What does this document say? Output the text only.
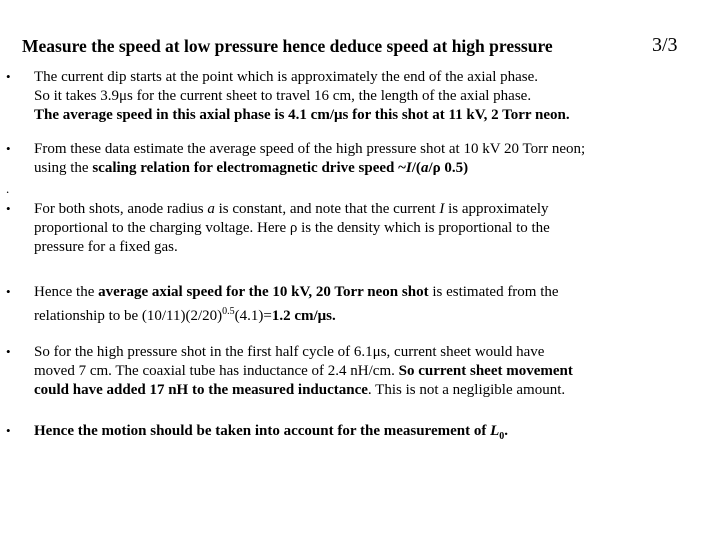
Measure the speed at low pressure hence deduce speed at high pressure	3/3
• The current dip starts at the point which is approximately the end of the axial phase.
So it takes 3.9μs for the current sheet to travel 16 cm, the length of the axial phase.
The average speed in this axial phase is 4.1 cm/μs for this shot at 11 kV, 2 Torr neon.
• From these data estimate the average speed of the high pressure shot at 10 kV 20 Torr neon;
using the scaling relation for electromagnetic drive speed ~I/(a/ρ 0.5)
.
• For both shots, anode radius a is constant, and note that the current I is approximately
proportional to the charging voltage. Here ρ is the density which is proportional to the
pressure for a fixed gas.
• Hence the average axial speed for the 10 kV, 20 Torr neon shot is estimated from the
relationship to be $(10/11)(2/20)^{0.5}(4.1)=1.2$ cm/μs.
• So for the high pressure shot in the first half cycle of 6.1μs, current sheet would have
moved 7 cm. The coaxial tube has inductance of 2.4 nH/cm. So current sheet movement
could have added 17 nH to the measured inductance. This is not a negligible amount.
• Hence the motion should be taken into account for the measurement of $L_0$.
